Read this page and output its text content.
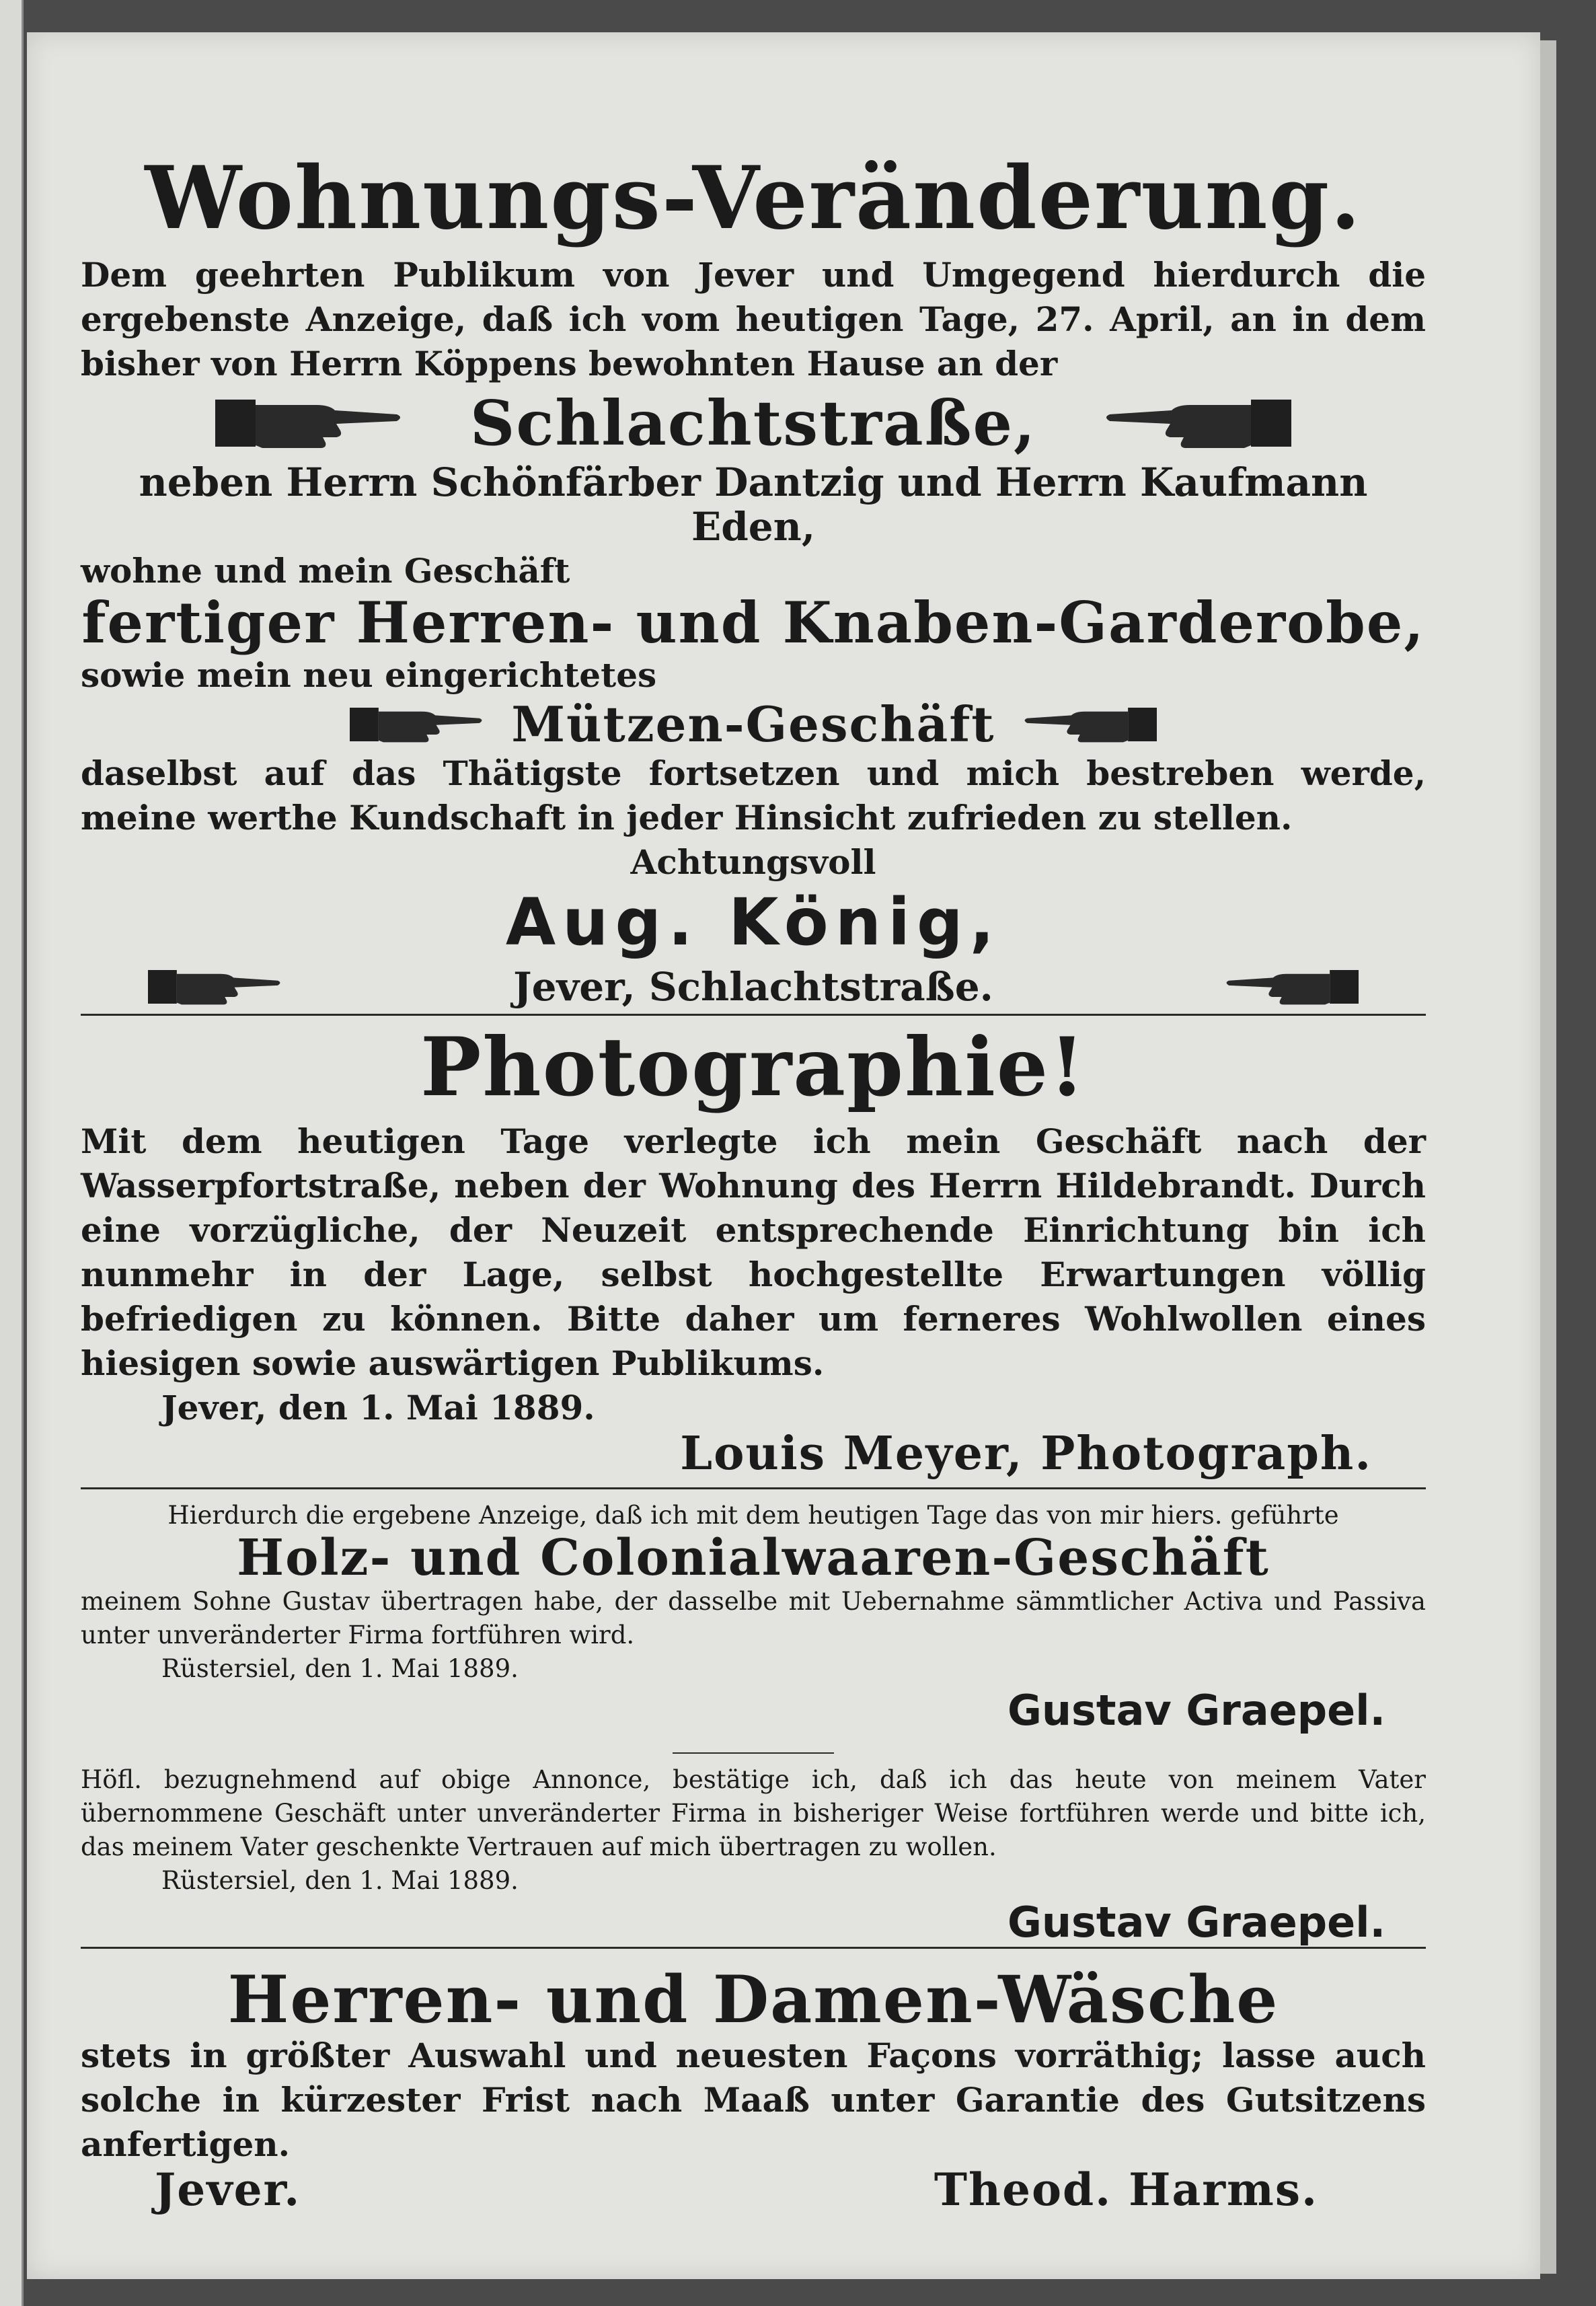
Wohnungs-Veränderung.

Dem geehrten Publikum von Jever und Umgegend hierdurch die ergebenste Anzeige, daß ich vom heutigen Tage, 27. April, an in dem bisher von Herrn Köppens bewohnten Hause an der

Schlachtstraße,

neben Herrn Schönfärber Dantzig und Herrn Kaufmann Eden,

wohne und mein Geschäft

fertiger Herren- und Knaben-Garderobe,

sowie mein neu eingerichtetes

Mützen-Geschäft

daselbst auf das Thätigste fortsetzen und mich bestreben werde, meine werthe Kundschaft in jeder Hinsicht zufrieden zu stellen.

Achtungsvoll

Aug. König,

Jever, Schlachtstraße.

Photographie!

Mit dem heutigen Tage verlegte ich mein Geschäft nach der Wasserpfortstraße, neben der Wohnung des Herrn Hildebrandt. Durch eine vorzügliche, der Neuzeit entsprechende Einrichtung bin ich nunmehr in der Lage, selbst hochgestellte Erwartungen völlig befriedigen zu können. Bitte daher um ferneres Wohlwollen eines hiesigen sowie auswärtigen Publikums.

Jever, den 1. Mai 1889.

Louis Meyer, Photograph.

Hierdurch die ergebene Anzeige, daß ich mit dem heutigen Tage das von mir hiers. geführte

Holz- und Colonialwaaren-Geschäft

meinem Sohne Gustav übertragen habe, der dasselbe mit Uebernahme sämmtlicher Activa und Passiva unter unveränderter Firma fortführen wird.

Rüstersiel, den 1. Mai 1889.

Gustav Graepel.

Höfl. bezugnehmend auf obige Annonce, bestätige ich, daß ich das heute von meinem Vater übernommene Geschäft unter unveränderter Firma in bisheriger Weise fortführen werde und bitte ich, das meinem Vater geschenkte Vertrauen auf mich übertragen zu wollen.

Rüstersiel, den 1. Mai 1889.

Gustav Graepel.

Herren- und Damen-Wäsche

stets in größter Auswahl und neuesten Façons vorräthig; lasse auch solche in kürzester Frist nach Maaß unter Garantie des Gutsitzens anfertigen.

Jever.	Theod. Harms.
